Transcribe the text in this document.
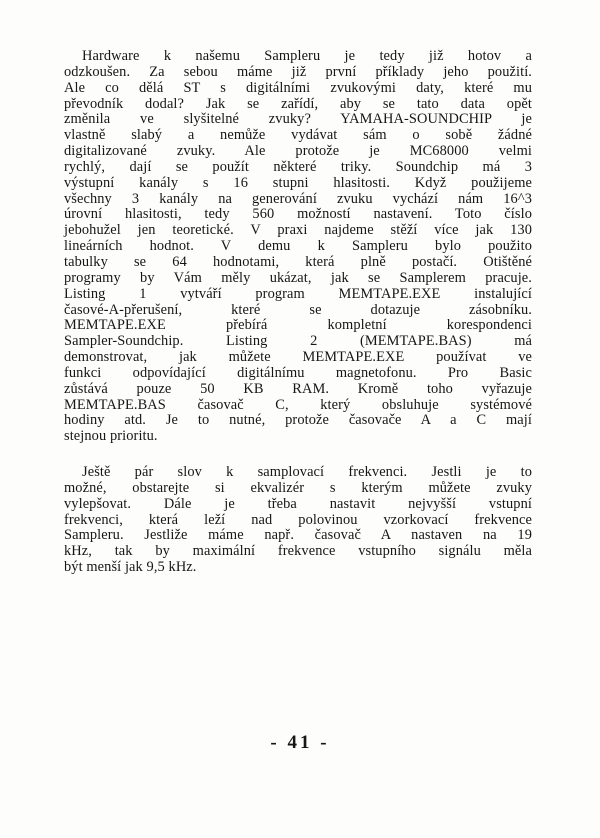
Hardware k našemu Sampleru je tedy již hotov a
odzkoušen. Za sebou máme již první příklady jeho použití.
Ale co dělá ST s digitálními zvukovými daty, které mu
převodník dodal? Jak se zařídí, aby se tato data opět
změnila ve slyšitelné zvuky? YAMAHA-SOUNDCHIP je
vlastně slabý a nemůže vydávat sám o sobě žádné
digitalizované zvuky. Ale protože je MC68000 velmi
rychlý, dají se použít některé triky. Soundchip má 3
výstupní kanály s 16 stupni hlasitosti. Když použijeme
všechny 3 kanály na generování zvuku vychází nám 16^3
úrovní hlasitosti, tedy 560 možností nastavení. Toto číslo
jebohužel jen teoretické. V praxi najdeme stěží více jak 130
lineárních hodnot. V demu k Sampleru bylo použito
tabulky se 64 hodnotami, která plně postačí. Otištěné
programy by Vám měly ukázat, jak se Samplerem pracuje.
Listing 1 vytváří program MEMTAPE.EXE instalující
časové-A-přerušení, které se dotazuje zásobníku.
MEMTAPE.EXE přebírá kompletní korespondenci
Sampler-Soundchip. Listing 2 (MEMTAPE.BAS) má
demonstrovat, jak můžete MEMTAPE.EXE používat ve
funkci odpovídající digitálnímu magnetofonu. Pro Basic
zůstává pouze 50 KB RAM. Kromě toho vyřazuje
MEMTAPE.BAS časovač C, který obsluhuje systémové
hodiny atd. Je to nutné, protože časovače A a C mají
stejnou prioritu.
Ještě pár slov k samplovací frekvenci. Jestli je to
možné, obstarejte si ekvalizér s kterým můžete zvuky
vylepšovat. Dále je třeba nastavit nejvyšší vstupní
frekvenci, která leží nad polovinou vzorkovací frekvence
Sampleru. Jestliže máme např. časovač A nastaven na 19
kHz, tak by maximální frekvence vstupního signálu měla
být menší jak 9,5 kHz.
- 41 -
